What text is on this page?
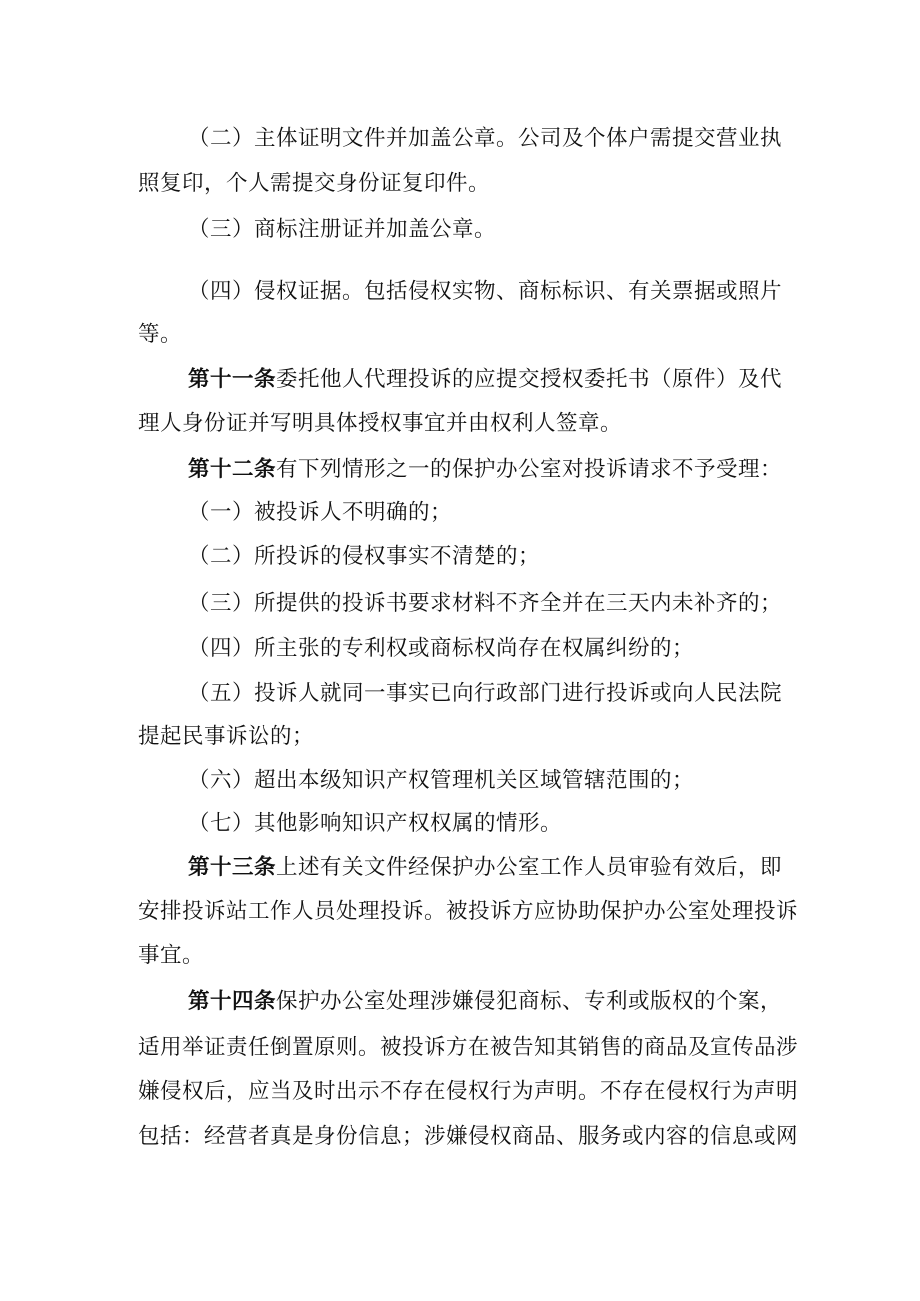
（二）主体证明文件并加盖公章。公司及个体户需提交营业执
照复印，个人需提交身份证复印件。
（三）商标注册证并加盖公章。
（四）侵权证据。包括侵权实物、商标标识、有关票据或照片
等。
第十一条委托他人代理投诉的应提交授权委托书（原件）及代
理人身份证并写明具体授权事宜并由权利人签章。
第十二条有下列情形之一的保护办公室对投诉请求不予受理：
（一）被投诉人不明确的；
（二）所投诉的侵权事实不清楚的；
（三）所提供的投诉书要求材料不齐全并在三天内未补齐的；
（四）所主张的专利权或商标权尚存在权属纠纷的；
（五）投诉人就同一事实已向行政部门进行投诉或向人民法院
提起民事诉讼的；
（六）超出本级知识产权管理机关区域管辖范围的；
（七）其他影响知识产权权属的情形。
第十三条上述有关文件经保护办公室工作人员审验有效后，即
安排投诉站工作人员处理投诉。被投诉方应协助保护办公室处理投诉
事宜。
第十四条保护办公室处理涉嫌侵犯商标、专利或版权的个案，
适用举证责任倒置原则。被投诉方在被告知其销售的商品及宣传品涉
嫌侵权后，应当及时出示不存在侵权行为声明。不存在侵权行为声明
包括：经营者真是身份信息；涉嫌侵权商品、服务或内容的信息或网
